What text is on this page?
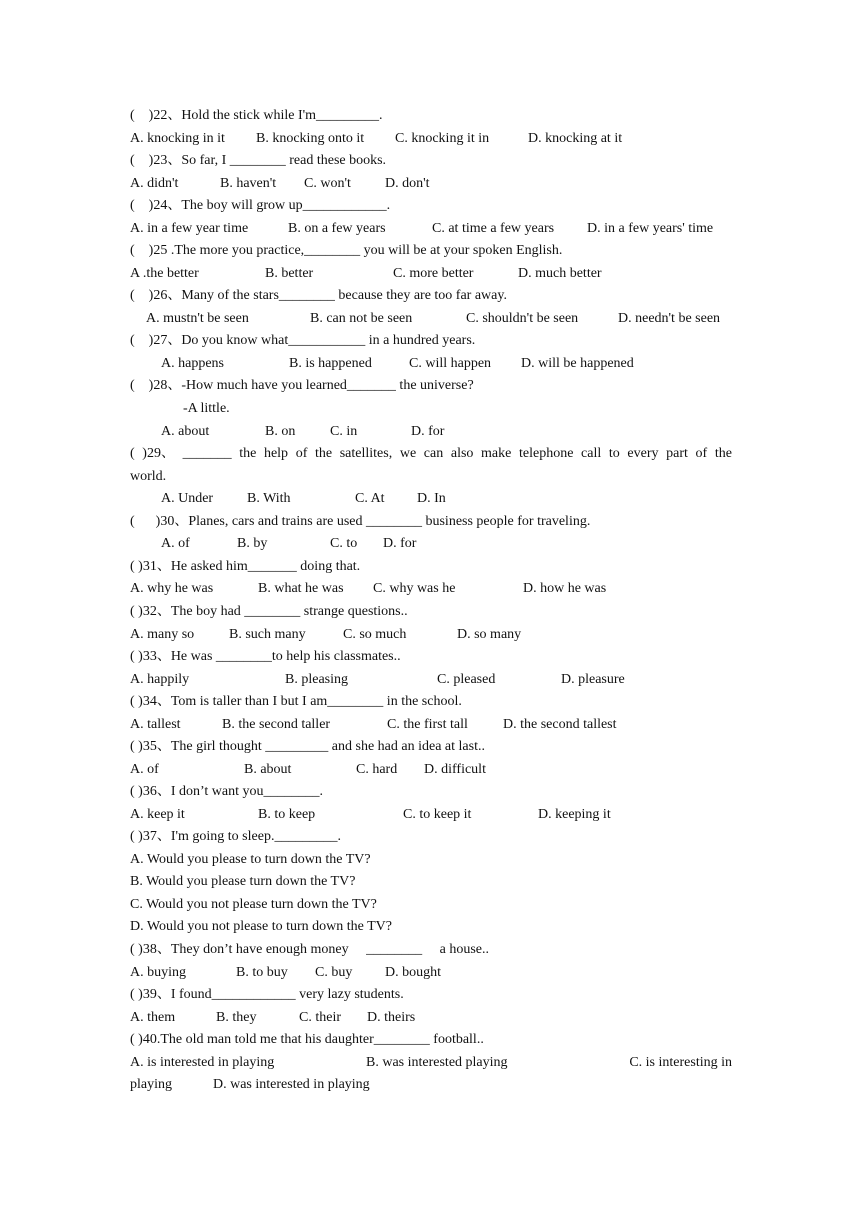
(    )22、Hold the stick while I'm_________.
A. knocking in it B. knocking onto it C. knocking it in	D. knocking at it
(    )23、So far, I ________ read these books.
A. didn't	B. haven't C. won't D. don't
(    )24、The boy will grow up____________.
A. in a few year time	B. on a few years	C. at time a few years D. in a few years' time
(    )25 .The more you practice,________ you will be at your spoken English.
A .the better	B. better	C. more better	D. much better
(    )26、Many of the stars________ because they are too far away.
A. mustn't be seen	B. can not be seen	C. shouldn't be seen	D. needn't be seen
(    )27、Do you know what___________ in a hundred years.
A. happens	B. is happened	C. will happen D. will be happened
(    )28、-How much have you learned_______ the universe?
-A little.
A. about	B. on C. in	D. for
( )29、 _______ the help of the satellites, we can also make telephone call to every part of the
world.
A. Under B. With	C. At D. In
(      )30、Planes, cars and trains are used ________ business people for traveling.
A. of	B. by	C. to D. for
( )31、He asked him_______ doing that.
A. why he was	B. what he was C. why was he	D. how he was
( )32、The boy had ________ strange questions..
A. many so B. such many	C. so much	D. so many
( )33、He was ________to help his classmates..
A. happily	B. pleasing	C. pleased	D. pleasure
( )34、Tom is taller than I but I am________ in the school.
A. tallest	B. the second taller	C. the first tall	D. the second tallest
( )35、The girl thought _________ and she had an idea at last..
A. of	B. about	C. hard D. difficult
( )36、I don’t want you________.
A. keep it	B. to keep	C. to keep it	D. keeping it
( )37、I'm going to sleep._________.
A. Would you please to turn down the TV?
B. Would you please turn down the TV?
C. Would you not please turn down the TV?
D. Would you not please to turn down the TV?
( )38、They don’t have enough money     ________     a house..
A. buying	B. to buy C. buy D. bought
( )39、I found____________ very lazy students.
A. them	B. they	C. their D. theirs
( )40.The old man told me that his daughter________ football..
A. is interested in playing	B. was interested playing	C. is interesting in
playing	D. was interested in playing
